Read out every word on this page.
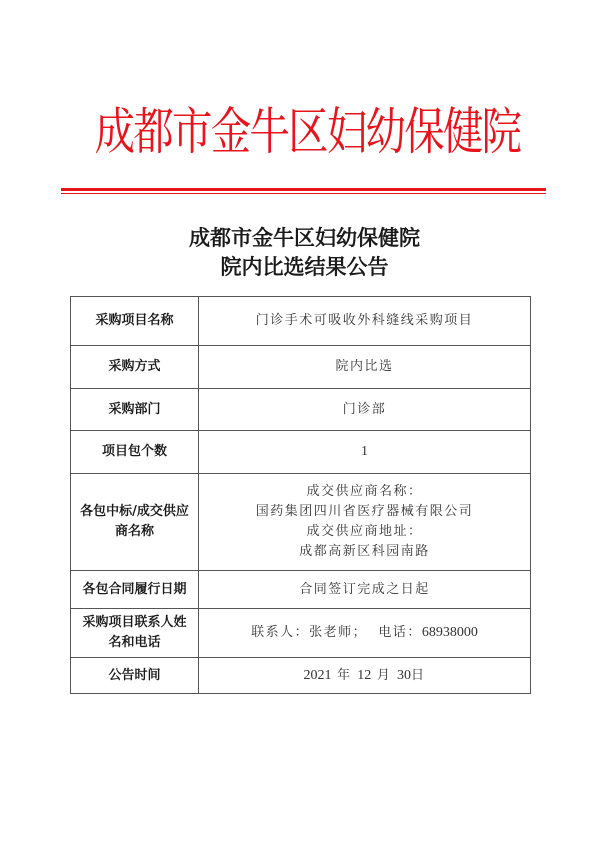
成都市金牛区妇幼保健院
成都市金牛区妇幼保健院
院内比选结果公告
采购项目名称	门诊手术可吸收外科缝线采购项目
采购方式	院内比选
采购部门	门诊部
项目包个数	1

各包中标/成交供应
商名称	成交供应商名称：
国药集团四川省医疗器械有限公司
成交供应商地址：
成都高新区科园南路

各包合同履行日期	合同签订完成之日起

采购项目联系人姓
名和电话	联系人：张老师； 电话：68938000
公告时间	2021 年 12 月 30日
